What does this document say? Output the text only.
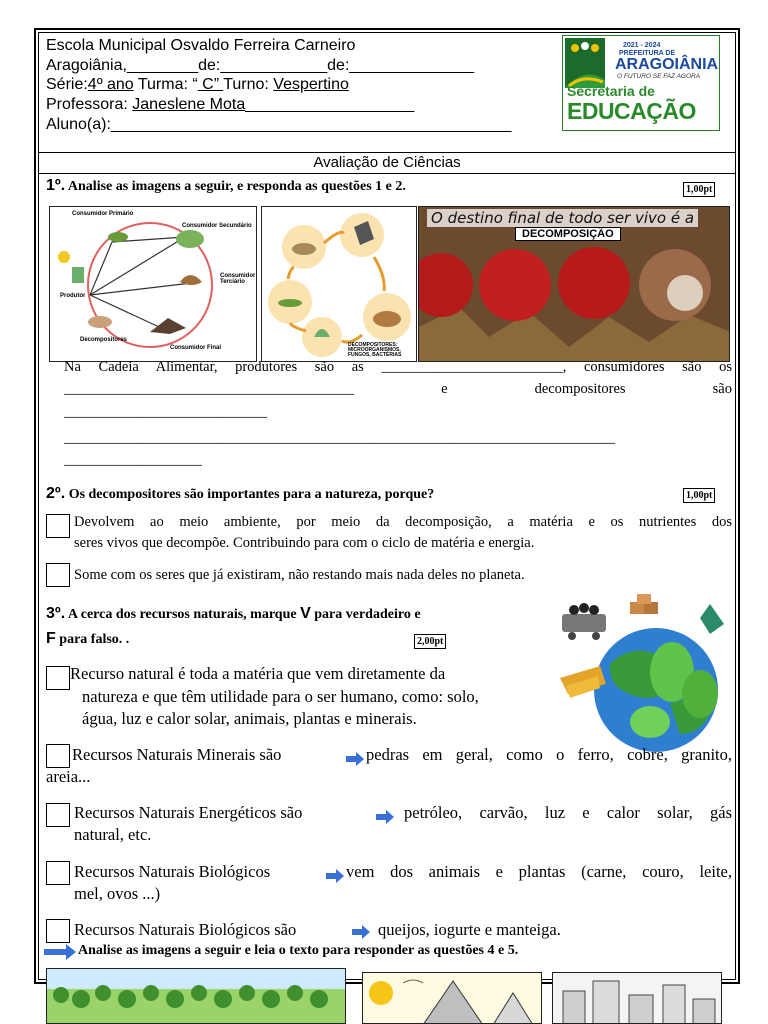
Escola Municipal Osvaldo Ferreira Carneiro
Aragoiânia,________de:____________de:______________
Série:4º ano Turma: “ C” Turno: Vespertino
Professora: Janeslene Mota___________________
Aluno(a):_____________________________________________
2021 - 2024
PREFEITURA DE
ARAGOIÂNIA
O FUTURO SE FAZ AGORA
Secretaria de
EDUCAÇÃO
Avaliação de Ciências
1º. Analise as imagens a seguir, e responda as questões 1 e 2.	1,00pt
Consumidor Primário
Consumidor Secundário
Consumidor Terciário
Consumidor Final
Produtor
Decompositores
DECOMPOSITORES: MICROORGANISMOS, FUNGOS, BACTÉRIAS
O destino final de todo ser vivo é a
DECOMPOSIÇÃO
Na Cadeia Alimentar, produtores são as _________________________, consumidores são os
________________________________________	e	decompositores	são
____________________________
____________________________________________________________________________
___________________
2º. Os decompositores são importantes para a natureza, porque?	1,00pt
Devolvem ao meio ambiente, por meio da decomposição, a matéria e os nutrientes dos
seres vivos que decompõe. Contribuindo para com o ciclo de matéria e energia.
Some com os seres que já existiram, não restando mais nada deles no planeta.
3º. A cerca dos recursos naturais, marque V para verdadeiro e
F para falso. .	2,00pt
Recurso natural é toda a matéria que vem diretamente da
natureza e que têm utilidade para o ser humano, como: solo,
água, luz e calor solar, animais, plantas e minerais.
Recursos Naturais Minerais são	pedras em geral, como o ferro, cobre, granito,
areia...
Recursos Naturais Energéticos são	petróleo, carvão, luz e calor solar, gás
natural, etc.
Recursos Naturais Biológicos	vem dos animais e plantas (carne, couro, leite,
mel, ovos ...)
Recursos Naturais Biológicos são	queijos, iogurte e manteiga.
Analise as imagens a seguir e leia o texto para responder as questões 4 e 5.
